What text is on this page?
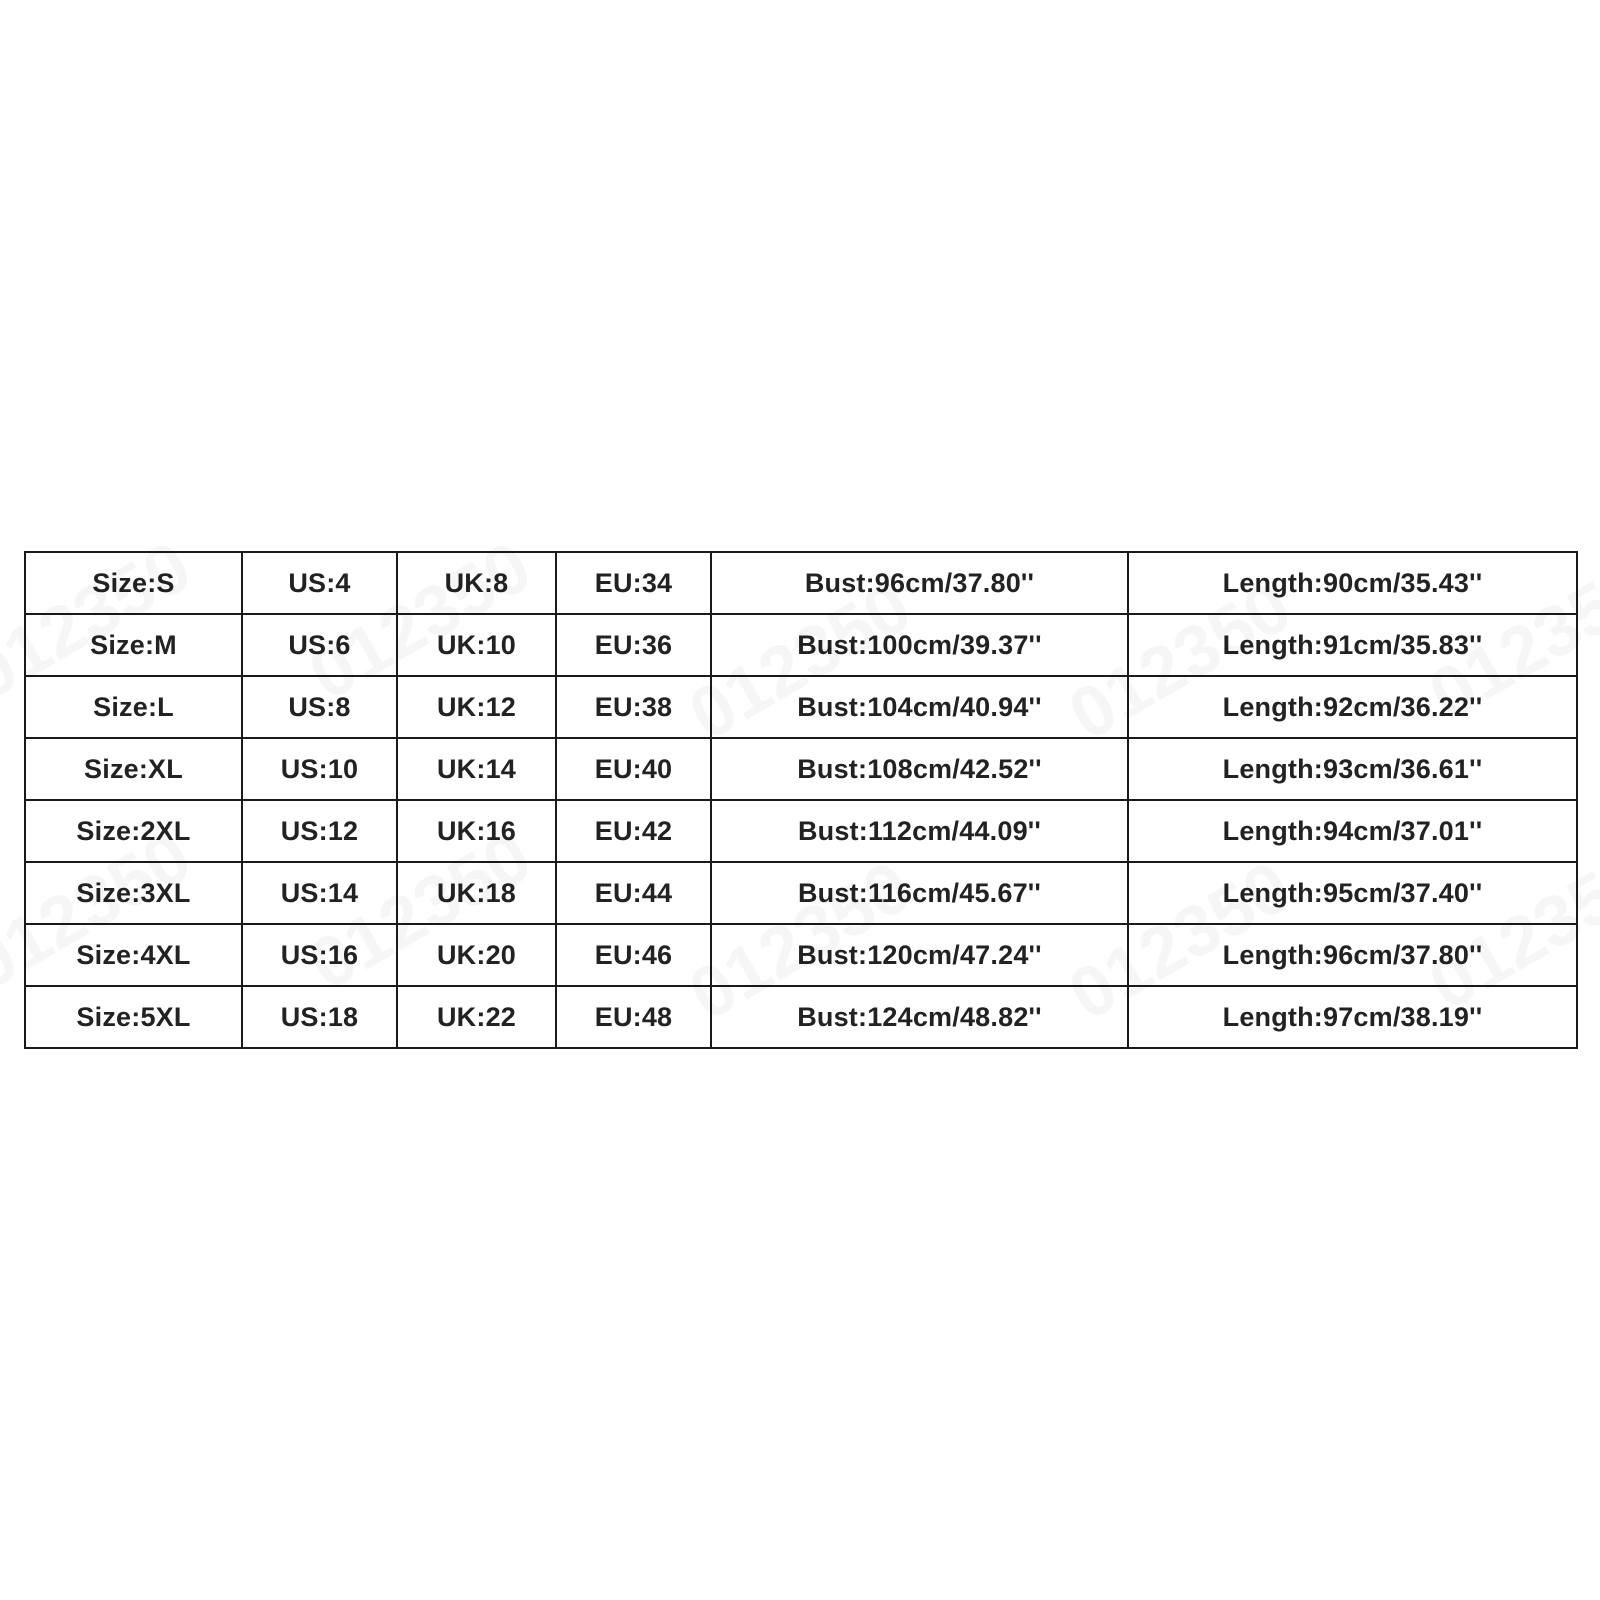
Size:S	US:4	UK:8	EU:34	Bust:96cm/37.80''	Length:90cm/35.43''
Size:M	US:6	UK:10	EU:36	Bust:100cm/39.37''	Length:91cm/35.83''
Size:L	US:8	UK:12	EU:38	Bust:104cm/40.94''	Length:92cm/36.22''
Size:XL	US:10	UK:14	EU:40	Bust:108cm/42.52''	Length:93cm/36.61''
Size:2XL	US:12	UK:16	EU:42	Bust:112cm/44.09''	Length:94cm/37.01''
Size:3XL	US:14	UK:18	EU:44	Bust:116cm/45.67''	Length:95cm/37.40''
Size:4XL	US:16	UK:20	EU:46	Bust:120cm/47.24''	Length:96cm/37.80''
Size:5XL	US:18	UK:22	EU:48	Bust:124cm/48.82''	Length:97cm/38.19''
